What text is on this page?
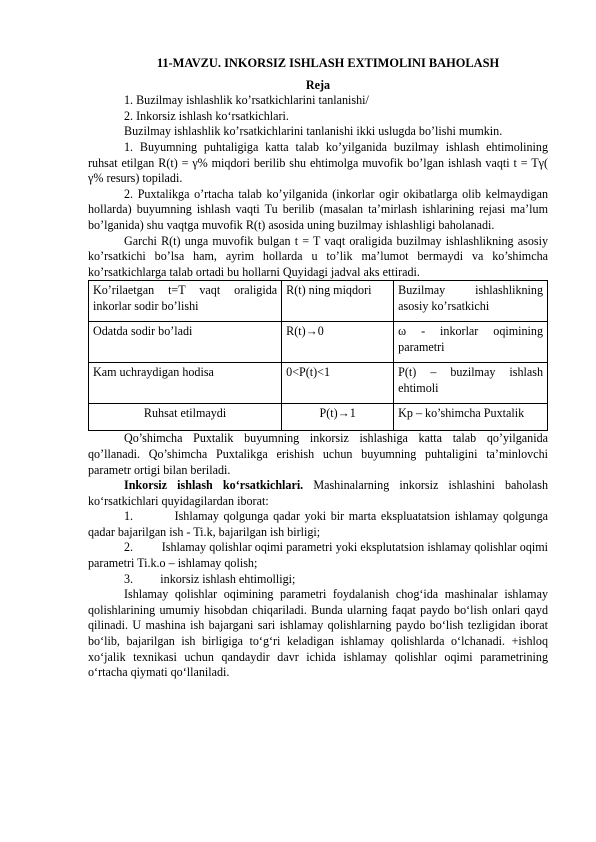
11-MAVZU. INKORSIZ ISHLASH EXTIMOLINI BAHOLASH
Reja

1. Buzilmay ishlashlik ko’rsatkichlarini tanlanishi/

2. Inkorsiz ishlash ko‘rsatkichlari.

Buzilmay ishlashlik ko’rsatkichlarini tanlanishi ikki uslugda bo’lishi mumkin.

1. Buyumning puhtaligiga katta talab ko’yilganida buzilmay ishlash ehtimolining ruhsat etilgan R(t) = γ% miqdori berilib shu ehtimolga muvofik bo’lgan ishlash vaqti t = Tγ( γ% resurs) topiladi.

2. Puxtalikga o’rtacha talab ko’yilganida (inkorlar ogir okibatlarga olib kelmaydigan hollarda) buyumning ishlash vaqti Tu berilib (masalan ta’mirlash ishlarining rejasi ma’lum bo’lganida) shu vaqtga muvofik R(t) asosida uning buzilmay ishlashligi baholanadi.

Garchi R(t) unga muvofik bulgan t = T vaqt oraligida buzilmay ishlashlikning asosiy ko’rsatkichi bo’lsa ham, ayrim hollarda u to’lik ma’lumot bermaydi va ko’shimcha ko’rsatkichlarga talab ortadi bu hollarni Quyidagi jadval aks ettiradi.

Ko’rilaetgan t=T vaqt oraligida inkorlar sodir bo’lishi	R(t) ning miqdori	Buzilmay ishlashlikning asosiy ko’rsatkichi
Odatda sodir bo’ladi	R(t)→0	ω - inkorlar oqimining parametri
Kam uchraydigan hodisa	0<P(t)<1	P(t) – buzilmay ishlash ehtimoli
Ruhsat etilmaydi	P(t)→1	Kp – ko’shimcha Puxtalik

Qo’shimcha Puxtalik buyumning inkorsiz ishlashiga katta talab qo’yilganida qo’llanadi. Qo’shimcha Puxtalikga erishish uchun buyumning puhtaligini ta’minlovchi parametr ortigi bilan beriladi.

Inkorsiz ishlash ko‘rsatkichlari. Mashinalarning inkorsiz ishlashini baholash ko‘rsatkichlari quyidagilardan iborat:

1.	Ishlamay qolgunga qadar yoki bir marta ekspluatatsion ishlamay qolgunga qadar bajarilgan ish - Ti.k, bajarilgan ish birligi;

2. Ishlamay qolishlar oqimi parametri yoki eksplutatsion ishlamay qolishlar oqimi parametri Ti.k.o – ishlamay qolish;

3. inkorsiz ishlash ehtimolligi;

Ishlamay qolishlar oqimining parametri foydalanish chog‘ida mashinalar ishlamay qolishlarining umumiy hisobdan chiqariladi. Bunda ularning faqat paydo bo‘lish onlari qayd qilinadi. U mashina ish bajargani sari ishlamay qolishlarning paydo bo‘lish tezligidan iborat bo‘lib, bajarilgan ish birligiga to‘g‘ri keladigan ishlamay qolishlarda o‘lchanadi. +ishloq xo‘jalik texnikasi uchun qandaydir davr ichida ishlamay qolishlar oqimi parametrining o‘rtacha qiymati qo‘llaniladi.
